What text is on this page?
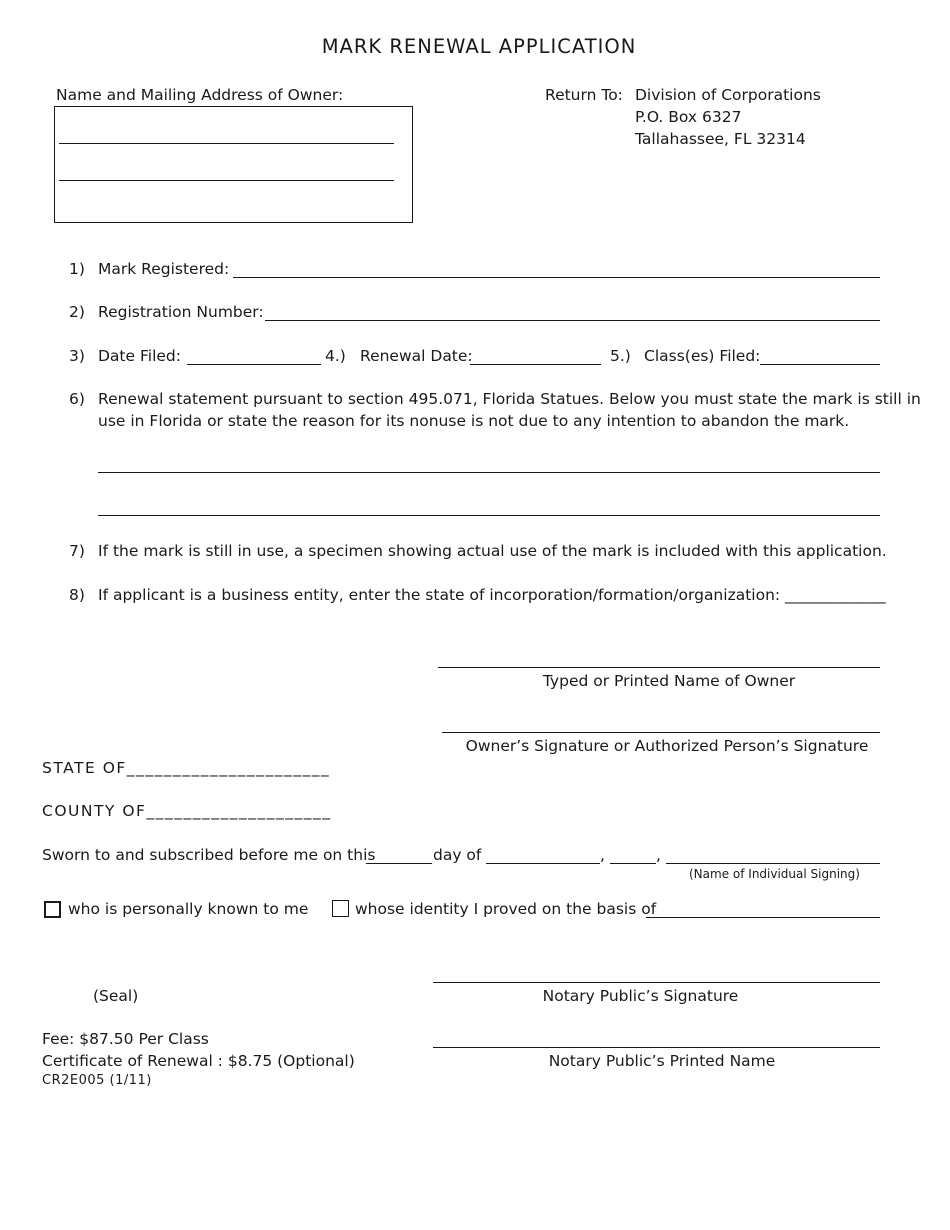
MARK RENEWAL APPLICATION
Name and Mailing Address of Owner:	Return To: Division of Corporations
P.O. Box 6327
Tallahassee, FL 32314
1) Mark Registered:
2) Registration Number:
3) Date Filed:	4.) Renewal Date:	5.) Class(es) Filed:
6) Renewal statement pursuant to section 495.071, Florida Statues. Below you must state the mark is still in
use in Florida or state the reason for its nonuse is not due to any intention to abandon the mark.
7) If the mark is still in use, a specimen showing actual use of the mark is included with this application.
8) If applicant is a business entity, enter the state of incorporation/formation/organization: _____________
Typed or Printed Name of Owner
Owner’s Signature or Authorized Person’s Signature
STATE OF______________________
COUNTY OF____________________
Sworn to and subscribed before me on this	day of	,	,
(Name of Individual Signing)
who is personally known to me	whose identity I proved on the basis of
(Seal)	Notary Public’s Signature
Notary Public’s Printed Name
Fee: $87.50 Per Class
Certificate of Renewal : $8.75 (Optional)
CR2E005 (1/11)
